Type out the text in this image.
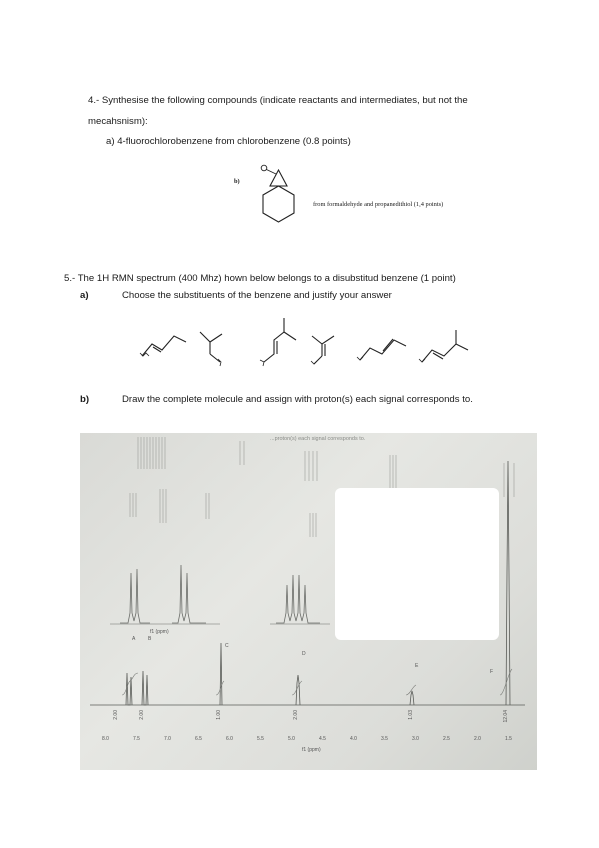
4.- Synthesise the following compounds (indicate reactants and intermediates, but not the
mecahsnism):
a) 4-fluorochlorobenzene from chlorobenzene (0.8 points)
b)
from formaldehyde and propanedithiol (1,4 points)
5.- The 1H RMN spectrum (400 Mhz) hown below belongs to a disubstitud benzene (1 point)
a)	Choose the substituents of the benzene and justify your answer
b)	Draw the complete molecule and assign with proton(s) each signal corresponds to.
...proton(s) each signal corresponds to.
A	B
C
D
E
F
f1 (ppm)
f1 (ppm)
2.00	2.00	1.00	2.00	1.03	12.04
8.0	7.5	7.0	6.5	6.0	5.5	5.0	4.5	4.0	3.5	3.0	2.5	2.0	1.5
